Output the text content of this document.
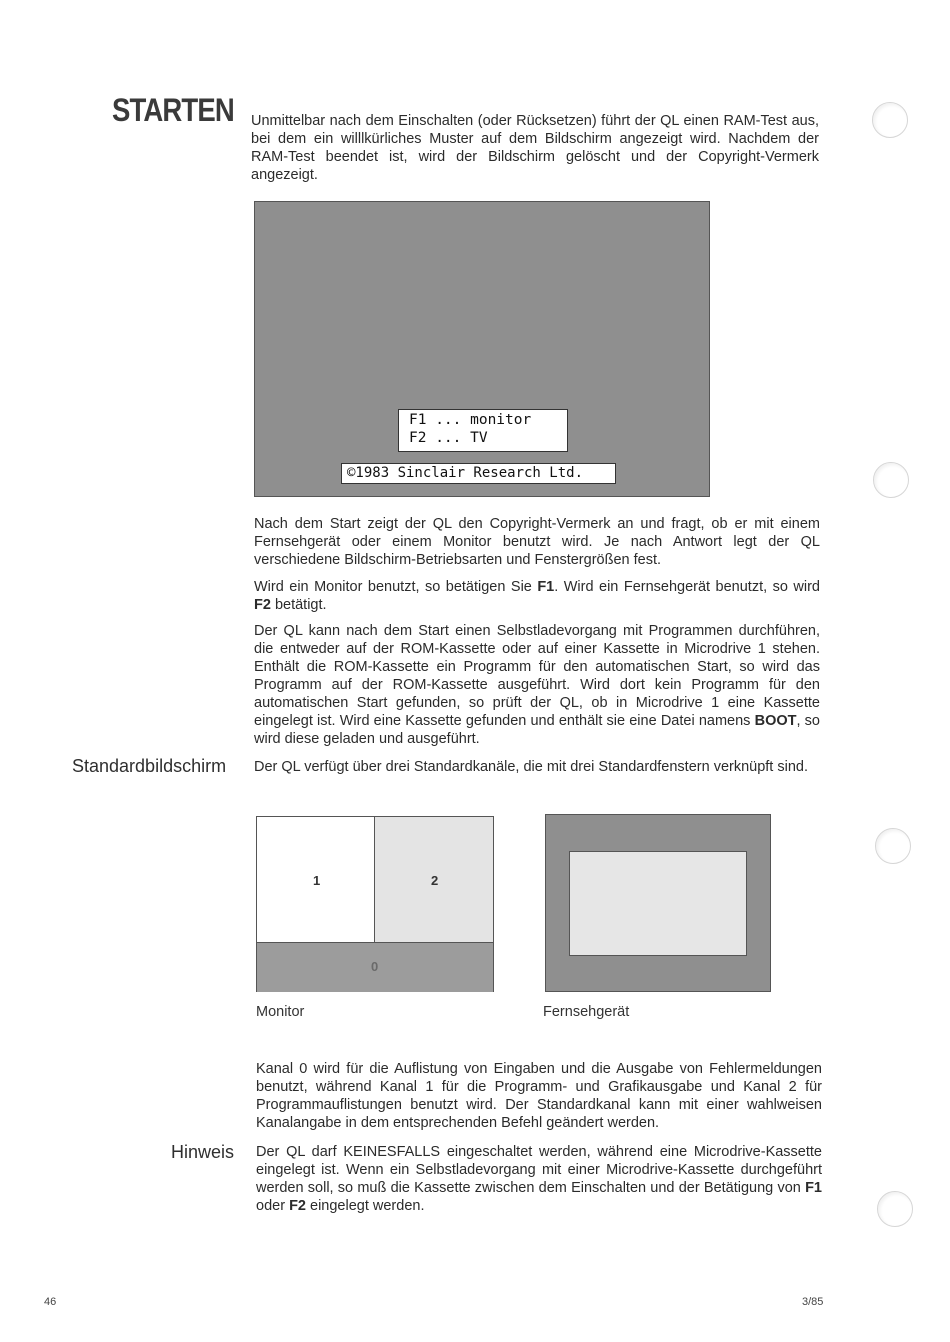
STARTEN Unmittelbar nach dem Einschalten (oder Rücksetzen) führt der QL einen RAM-Test aus, bei dem ein willlkürliches Muster auf dem Bildschirm angezeigt wird. Nachdem der RAM-Test beendet ist, wird der Bildschirm gelöscht und der Copyright-Vermerk angezeigt.

F1 ... monitor
F2 ... TV
©1983 Sinclair Research Ltd.

Nach dem Start zeigt der QL den Copyright-Vermerk an und fragt, ob er mit einem Fernsehgerät oder einem Monitor benutzt wird. Je nach Antwort legt der QL verschiedene Bildschirm-Betriebsarten und Fenstergrößen fest.

Wird ein Monitor benutzt, so betätigen Sie F1. Wird ein Fernsehgerät benutzt, so wird F2 betätigt.

Der QL kann nach dem Start einen Selbstladevorgang mit Programmen durchführen, die entweder auf der ROM-Kassette oder auf einer Kassette in Microdrive 1 stehen. Enthält die ROM-Kassette ein Programm für den automatischen Start, so wird das Programm auf der ROM-Kassette ausgeführt. Wird dort kein Programm für den automatischen Start gefunden, so prüft der QL, ob in Microdrive 1 eine Kassette eingelegt ist. Wird eine Kassette gefunden und enthält sie eine Datei namens BOOT, so wird diese geladen und ausgeführt.

Standardbildschirm Der QL verfügt über drei Standardkanäle, die mit drei Standardfenstern verknüpft sind.

1	2
0
Monitor	Fernsehgerät

Kanal 0 wird für die Auflistung von Eingaben und die Ausgabe von Fehlermeldungen benutzt, während Kanal 1 für die Programm- und Grafikausgabe und Kanal 2 für Programmauflistungen benutzt wird. Der Standardkanal kann mit einer wahlweisen Kanalangabe in dem entsprechenden Befehl geändert werden.

Hinweis Der QL darf KEINESFALLS eingeschaltet werden, während eine Microdrive-Kassette eingelegt ist. Wenn ein Selbstladevorgang mit einer Microdrive-Kassette durchgeführt werden soll, so muß die Kassette zwischen dem Einschalten und der Betätigung von F1 oder F2 eingelegt werden.

46	3/85
